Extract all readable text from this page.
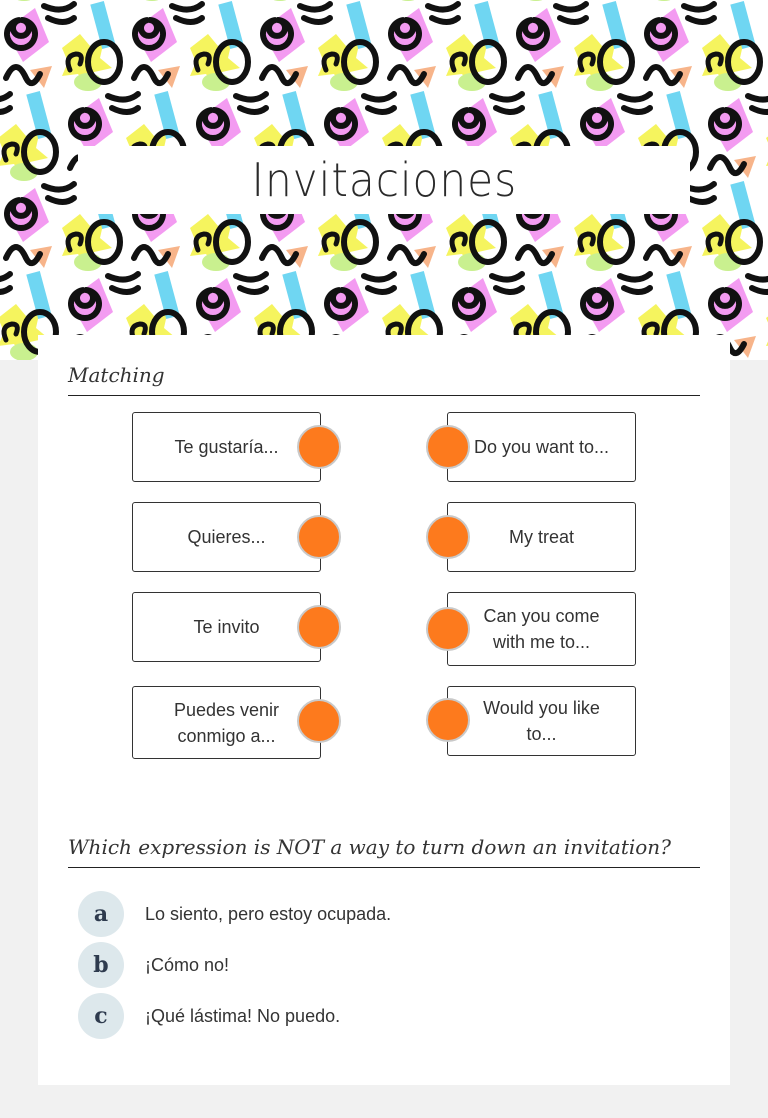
Invitaciones
Matching
Te gustaría...
Quieres...
Te invito
Puedes venir conmigo a...
Do you want to...
My treat
Can you come with me to...
Would you like to...
Which expression is NOT a way to turn down an invitation?
a	Lo siento, pero estoy ocupada.
b	¡Cómo no!
c	¡Qué lástima! No puedo.
